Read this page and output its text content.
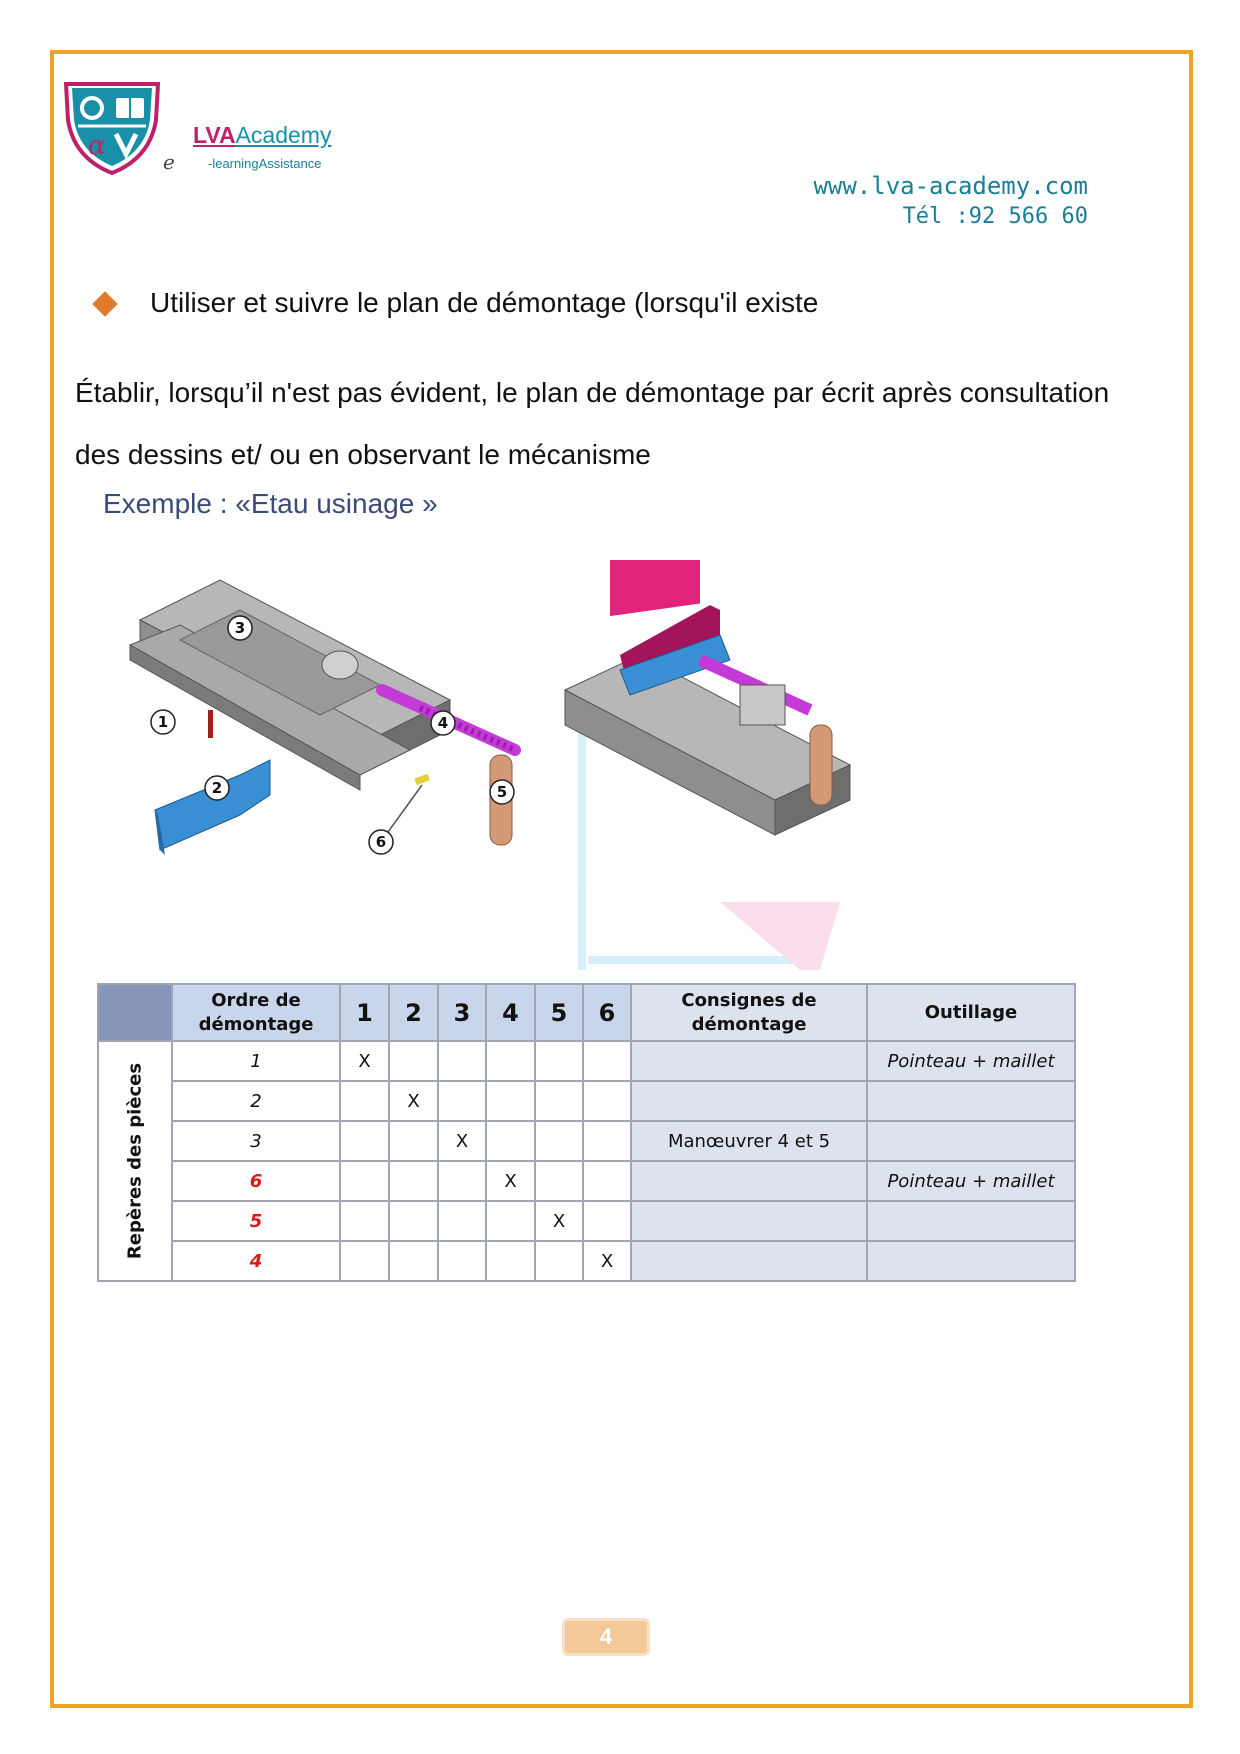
α
e
LVAAcademy
-learningAssistance
www.lva-academy.com
Tél :92 566 60
Utiliser et suivre le plan de démontage (lorsqu'il existe
Établir, lorsqu’il n'est pas évident, le plan de démontage par écrit après consultation des dessins et/ ou en observant le mécanisme
Exemple : «Etau usinage »
3
1
2
4
5
6
	Ordre de démontage	1	2	3	4	5	6	Consignes de démontage	Outillage

Repères des pièces	1	X							Pointeau + maillet
	2		X						
	3			X				Manœuvrer 4 et 5	
	6				X				Pointeau + maillet
	5					X			
	4						X		
4
